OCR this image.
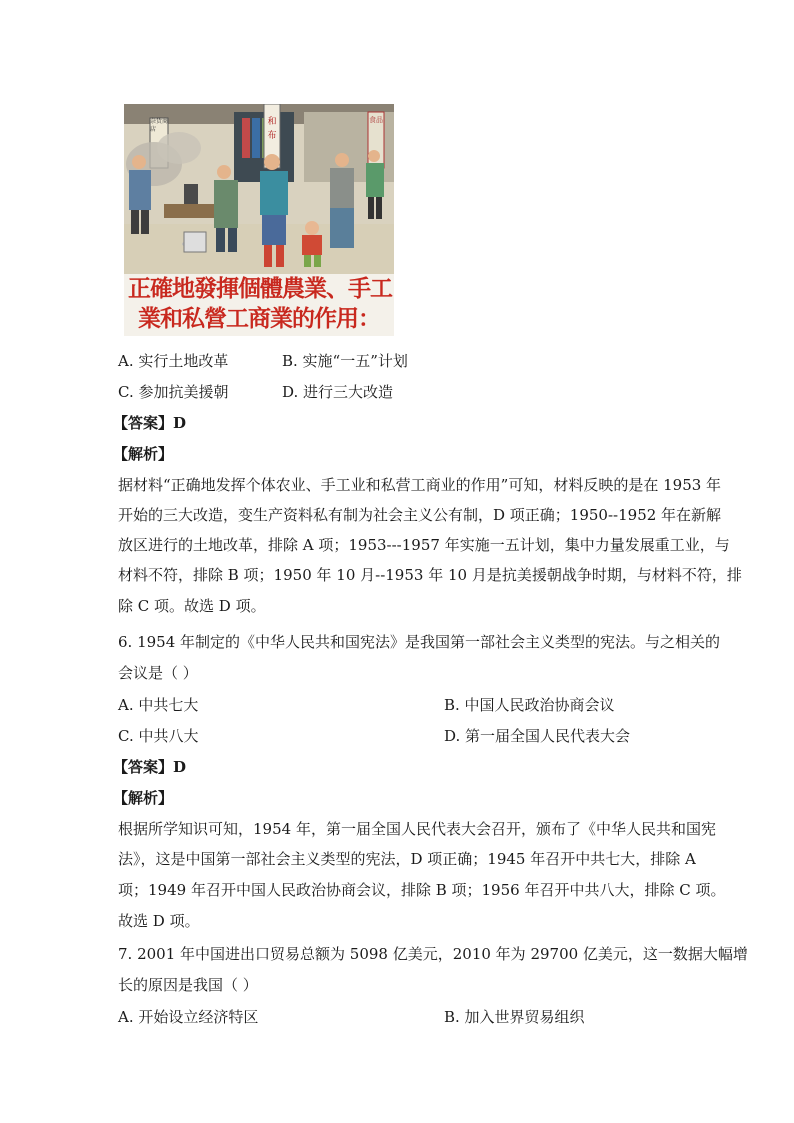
和
布
正確地發揮個體農業、手工
業和私營工商業的作用：
杂货商店
食品
A. 实行土地改革	B. 实施“一五”计划
C. 参加抗美援朝	D. 进行三大改造
【答案】D
【解析】
据材料“正确地发挥个体农业、手工业和私营工商业的作用”可知，材料反映的是在 1953 年
开始的三大改造，变生产资料私有制为社会主义公有制，D 项正确；1950--1952 年在新解
放区进行的土地改革，排除 A 项；1953---1957 年实施一五计划，集中力量发展重工业，与
材料不符，排除 B 项；1950 年 10 月--1953 年 10 月是抗美援朝战争时期，与材料不符，排
除 C 项。故选 D 项。
6. 1954 年制定的《中华人民共和国宪法》是我国第一部社会主义类型的宪法。与之相关的
会议是（ ）
A. 中共七大	B. 中国人民政治协商会议
C. 中共八大	D. 第一届全国人民代表大会
【答案】D
【解析】
根据所学知识可知，1954 年，第一届全国人民代表大会召开，颁布了《中华人民共和国宪
法》，这是中国第一部社会主义类型的宪法，D 项正确；1945 年召开中共七大，排除 A
项；1949 年召开中国人民政治协商会议，排除 B 项；1956 年召开中共八大，排除 C 项。
故选 D 项。
7. 2001 年中国进出口贸易总额为 5098 亿美元，2010 年为 29700 亿美元，这一数据大幅增
长的原因是我国（ ）
A. 开始设立经济特区	B. 加入世界贸易组织
